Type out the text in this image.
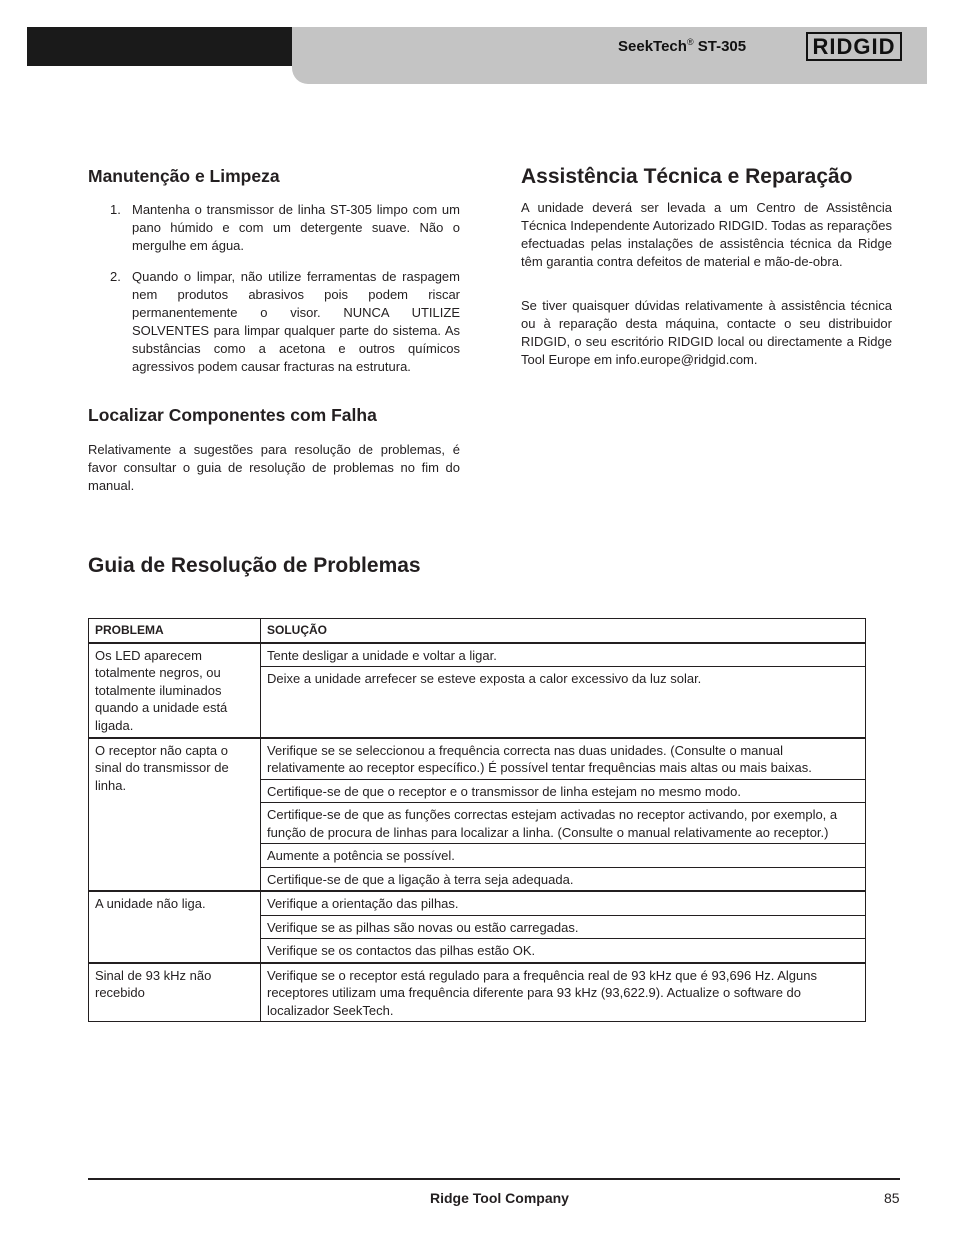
SeekTech® ST-305	RIDGID
Manutenção e Limpeza
1. Mantenha o transmissor de linha ST-305 limpo com um pano húmido e com um detergente suave. Não o mergulhe em água.
2. Quando o limpar, não utilize ferramentas de raspagem nem produtos abrasivos pois podem riscar permanentemente o visor. NUNCA UTILIZE SOLVENTES para limpar qualquer parte do sistema. As substâncias como a acetona e outros químicos agressivos podem causar fracturas na estrutura.
Localizar Componentes com Falha

Relativamente a sugestões para resolução de problemas, é favor consultar o guia de resolução de problemas no fim do manual.

Assistência Técnica e Reparação

A unidade deverá ser levada a um Centro de Assistência Técnica Independente Autorizado RIDGID. Todas as reparações efectuadas pelas instalações de assistência técnica da Ridge têm garantia contra defeitos de material e mão-de-obra.

Se tiver quaisquer dúvidas relativamente à assistência técnica ou à reparação desta máquina, contacte o seu distribuidor RIDGID, o seu escritório RIDGID local ou directamente a Ridge Tool Europe em info.europe@ridgid.com.

Guia de Resolução de Problemas
PROBLEMA	SOLUÇÃO
Os LED aparecem totalmente negros, ou totalmente iluminados quando a unidade está ligada.	Tente desligar a unidade e voltar a ligar.
	Deixe a unidade arrefecer se esteve exposta a calor excessivo da luz solar.
O receptor não capta o sinal do transmissor de linha.	Verifique se se seleccionou a frequência correcta nas duas unidades. (Consulte o manual relativamente ao receptor específico.) É possível tentar frequências mais altas ou mais baixas.
	Certifique-se de que o receptor e o transmissor de linha estejam no mesmo modo.
	Certifique-se de que as funções correctas estejam activadas no receptor activando, por exemplo, a função de procura de linhas para localizar a linha. (Consulte o manual relativamente ao receptor.)
	Aumente a potência se possível.
	Certifique-se de que a ligação à terra seja adequada.
A unidade não liga.	Verifique a orientação das pilhas.
	Verifique se as pilhas são novas ou estão carregadas.
	Verifique se os contactos das pilhas estão OK.
Sinal de 93 kHz não recebido	Verifique se o receptor está regulado para a frequência real de 93 kHz que é 93,696 Hz. Alguns receptores utilizam uma frequência diferente para 93 kHz (93,622.9). Actualize o software do localizador SeekTech.
Ridge Tool Company	85
